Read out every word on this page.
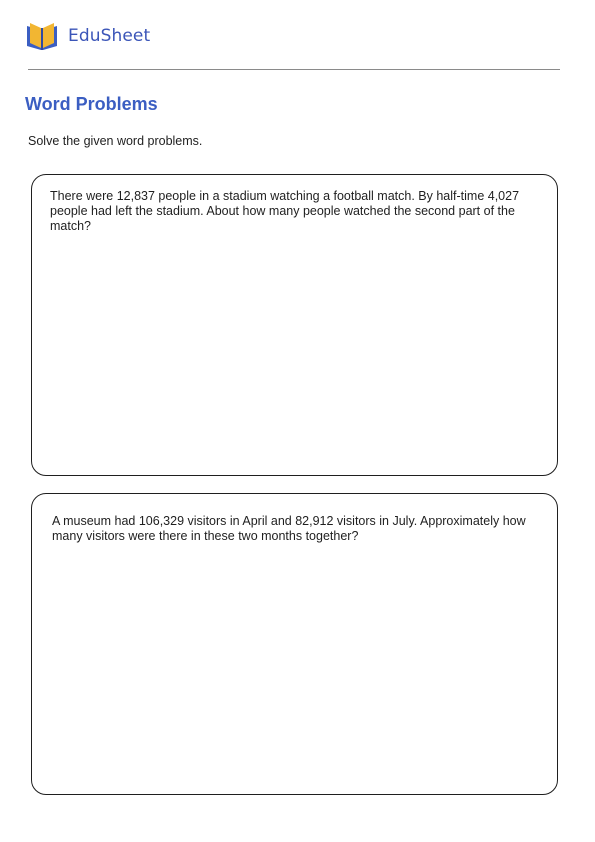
EduSheet
Word Problems
Solve the given word problems.
There were 12,837 people in a stadium watching a football match. By half-time 4,027 people had left the stadium. About how many people watched the second part of the match?
A museum had 106,329 visitors in April and 82,912 visitors in July. Approximately how many visitors were there in these two months together?
